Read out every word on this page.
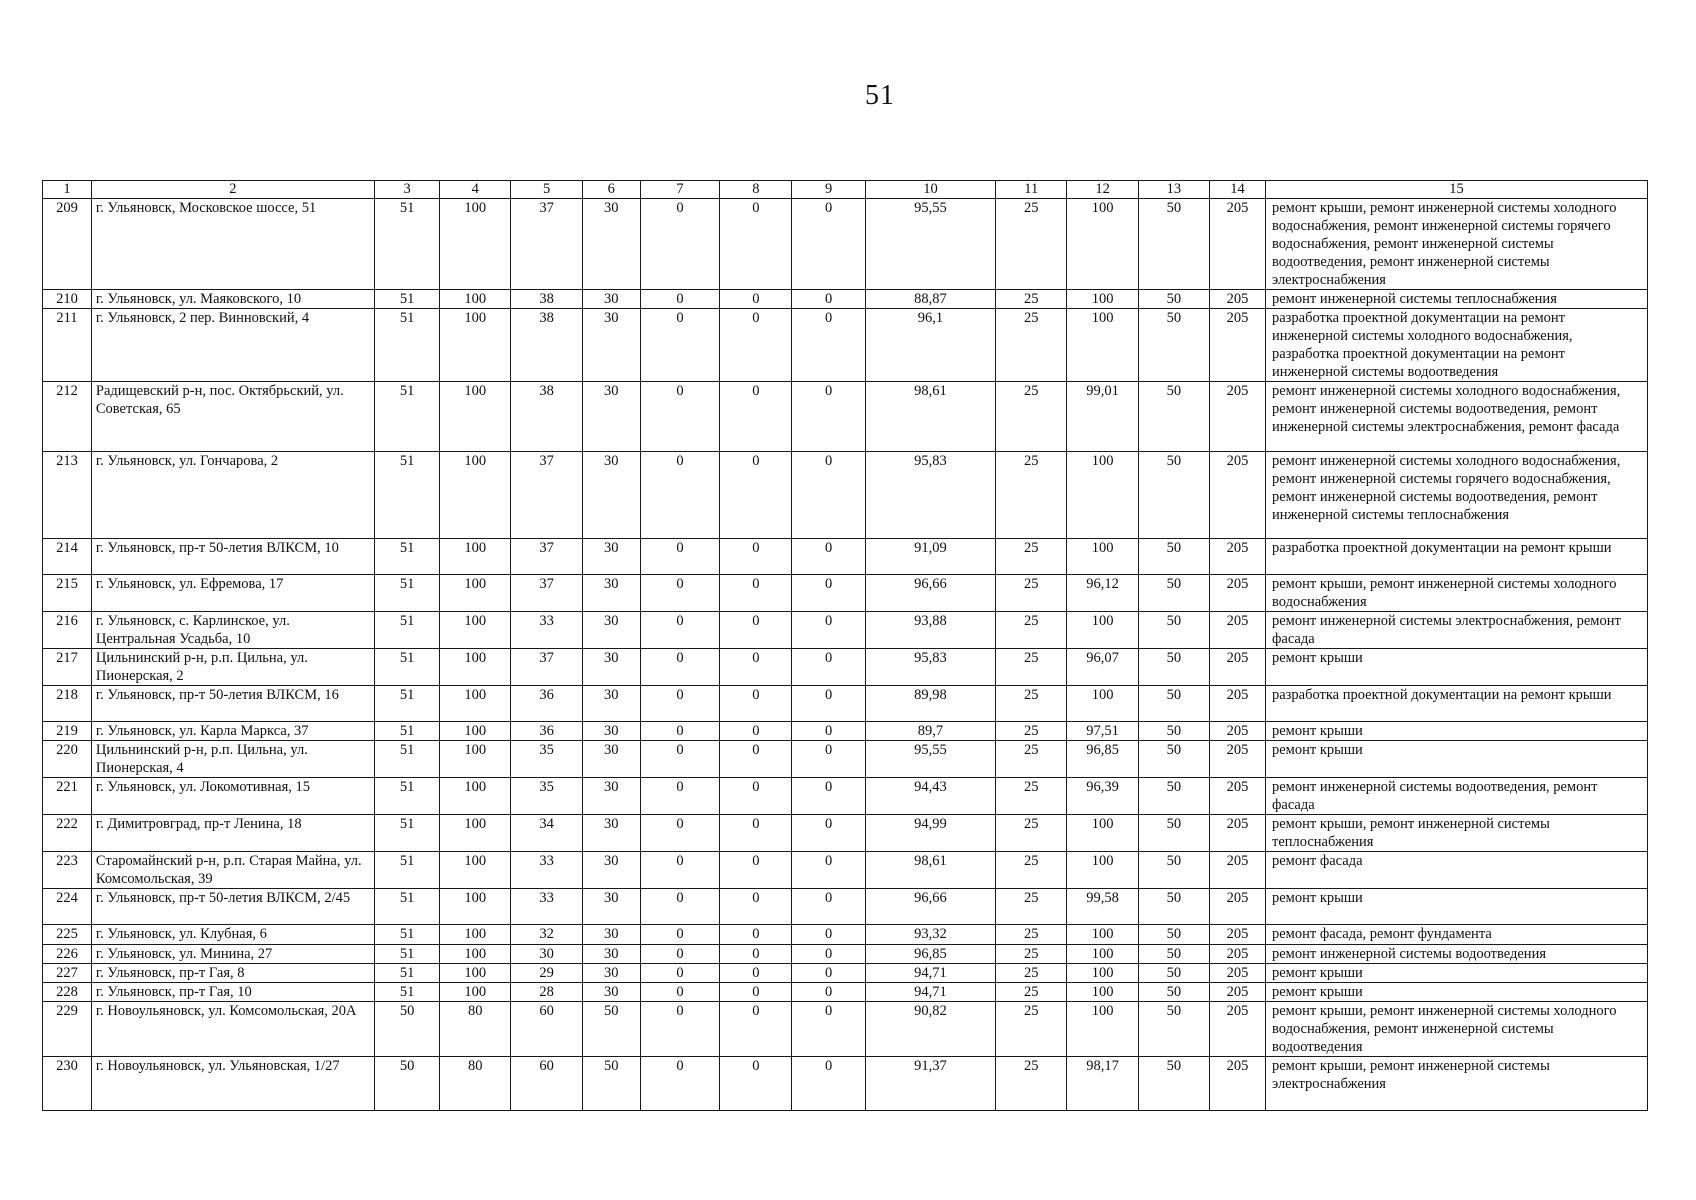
51
1	2	3	4	5	6	7	8	9	10	11	12	13	14	15
209	г. Ульяновск, Московское шоссе, 51	51	100	37	30	0	0	0	95,55	25	100	50	205	ремонт крыши, ремонт инженерной системы холодного водоснабжения, ремонт инженерной системы горячего водоснабжения, ремонт инженерной системы водоотведения, ремонт инженерной системы электроснабжения
210	г. Ульяновск, ул. Маяковского, 10	51	100	38	30	0	0	0	88,87	25	100	50	205	ремонт инженерной системы теплоснабжения
211	г. Ульяновск, 2 пер. Винновский, 4	51	100	38	30	0	0	0	96,1	25	100	50	205	разработка проектной документации на ремонт инженерной системы холодного водоснабжения, разработка проектной документации на ремонт инженерной системы водоотведения
212	Радищевский р-н, пос. Октябрьский, ул. Советская, 65	51	100	38	30	0	0	0	98,61	25	99,01	50	205	ремонт инженерной системы холодного водоснабжения, ремонт инженерной системы водоотведения, ремонт инженерной системы электроснабжения, ремонт фасада
213	г. Ульяновск, ул. Гончарова, 2	51	100	37	30	0	0	0	95,83	25	100	50	205	ремонт инженерной системы холодного водоснабжения, ремонт инженерной системы горячего водоснабжения, ремонт инженерной системы водоотведения, ремонт инженерной системы теплоснабжения
214	г. Ульяновск, пр-т 50-летия ВЛКСМ, 10	51	100	37	30	0	0	0	91,09	25	100	50	205	разработка проектной документации на ремонт крыши
215	г. Ульяновск, ул. Ефремова, 17	51	100	37	30	0	0	0	96,66	25	96,12	50	205	ремонт крыши, ремонт инженерной системы холодного водоснабжения
216	г. Ульяновск, с. Карлинское, ул. Центральная Усадьба, 10	51	100	33	30	0	0	0	93,88	25	100	50	205	ремонт инженерной системы электроснабжения, ремонт фасада
217	Цильнинский р-н, р.п. Цильна, ул. Пионерская, 2	51	100	37	30	0	0	0	95,83	25	96,07	50	205	ремонт крыши
218	г. Ульяновск, пр-т 50-летия ВЛКСМ, 16	51	100	36	30	0	0	0	89,98	25	100	50	205	разработка проектной документации на ремонт крыши
219	г. Ульяновск, ул. Карла Маркса, 37	51	100	36	30	0	0	0	89,7	25	97,51	50	205	ремонт крыши
220	Цильнинский р-н, р.п. Цильна, ул. Пионерская, 4	51	100	35	30	0	0	0	95,55	25	96,85	50	205	ремонт крыши
221	г. Ульяновск, ул. Локомотивная, 15	51	100	35	30	0	0	0	94,43	25	96,39	50	205	ремонт инженерной системы водоотведения, ремонт фасада
222	г. Димитровград, пр-т Ленина, 18	51	100	34	30	0	0	0	94,99	25	100	50	205	ремонт крыши, ремонт инженерной системы теплоснабжения
223	Старомайнский р-н, р.п. Старая Майна, ул. Комсомольская, 39	51	100	33	30	0	0	0	98,61	25	100	50	205	ремонт фасада
224	г. Ульяновск, пр-т 50-летия ВЛКСМ, 2/45	51	100	33	30	0	0	0	96,66	25	99,58	50	205	ремонт крыши
225	г. Ульяновск, ул. Клубная, 6	51	100	32	30	0	0	0	93,32	25	100	50	205	ремонт фасада, ремонт фундамента
226	г. Ульяновск, ул. Минина, 27	51	100	30	30	0	0	0	96,85	25	100	50	205	ремонт инженерной системы водоотведения
227	г. Ульяновск, пр-т Гая, 8	51	100	29	30	0	0	0	94,71	25	100	50	205	ремонт крыши
228	г. Ульяновск, пр-т Гая, 10	51	100	28	30	0	0	0	94,71	25	100	50	205	ремонт крыши
229	г. Новоульяновск, ул. Комсомольская, 20А	50	80	60	50	0	0	0	90,82	25	100	50	205	ремонт крыши, ремонт инженерной системы холодного водоснабжения, ремонт инженерной системы водоотведения
230	г. Новоульяновск, ул. Ульяновская, 1/27	50	80	60	50	0	0	0	91,37	25	98,17	50	205	ремонт крыши, ремонт инженерной системы электроснабжения
